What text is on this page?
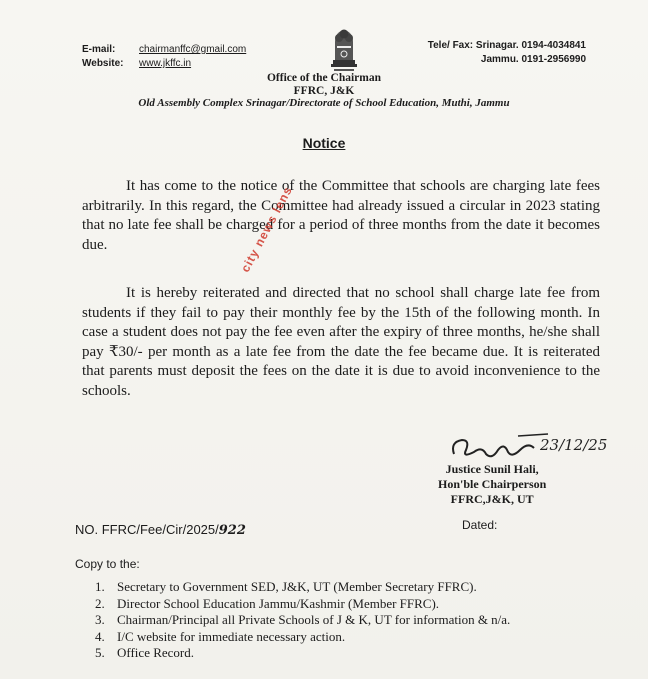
E-mail: chairmanffc@gmail.com
Website: www.jkffc.in
Tele/ Fax: Srinagar. 0194-4034841
Jammu. 0191-2956990
Office of the Chairman
FFRC, J&K
Old Assembly Complex Srinagar/Directorate of School Education, Muthi, Jammu
Notice

It has come to the notice of the Committee that schools are charging late fees arbitrarily. In this regard, the Committee had already issued a circular in 2023 stating that no late fee shall be charged for a period of three months from the date it becomes due.

It is hereby reiterated and directed that no school shall charge late fee from students if they fail to pay their monthly fee by the 15th of the following month. In case a student does not pay the fee even after the expiry of three months, he/she shall pay ₹30/- per month as a late fee from the date the fee became due. It is reiterated that parents must deposit the fees on the date it is due to avoid inconvenience to the schools.

city news lens
23/12/25
Justice Sunil Hali,
Hon'ble Chairperson
FFRC,J&K, UT
NO. FFRC/Fee/Cir/2025/922	Dated:
Copy to the:
1. Secretary to Government SED, J&K, UT (Member Secretary FFRC).
2. Director School Education Jammu/Kashmir (Member FFRC).
3. Chairman/Principal all Private Schools of J & K, UT for information & n/a.
4. I/C website for immediate necessary action.
5. Office Record.
